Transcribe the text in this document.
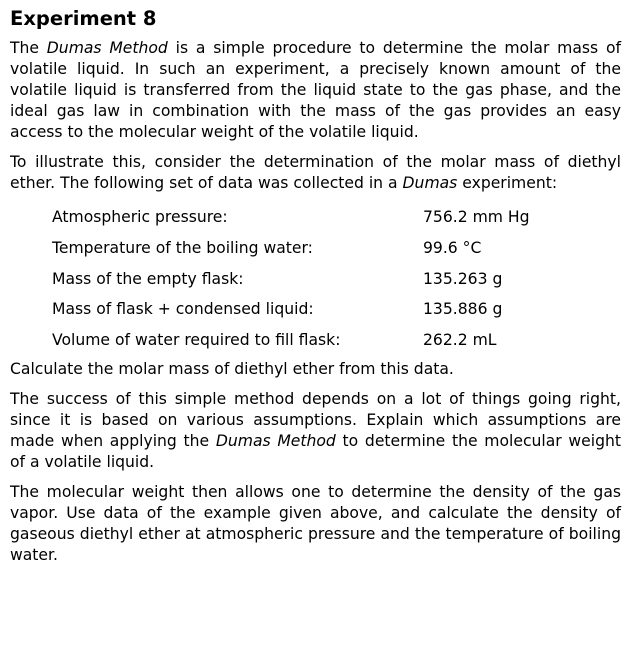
Experiment 8

The Dumas Method is a simple procedure to determine the molar mass of volatile liquid. In such an experiment, a precisely known amount of the volatile liquid is transferred from the liquid state to the gas phase, and the ideal gas law in combination with the mass of the gas provides an easy access to the molecular weight of the volatile liquid.

To illustrate this, consider the determination of the molar mass of diethyl ether. The following set of data was collected in a Dumas experiment:

Atmospheric pressure:	756.2 mm Hg
Temperature of the boiling water:	99.6 °C
Mass of the empty flask:	135.263 g
Mass of flask + condensed liquid:	135.886 g
Volume of water required to fill flask:	262.2 mL

Calculate the molar mass of diethyl ether from this data.

The success of this simple method depends on a lot of things going right, since it is based on various assumptions. Explain which assumptions are made when applying the Dumas Method to determine the molecular weight of a volatile liquid.

The molecular weight then allows one to determine the density of the gas vapor. Use data of the example given above, and calculate the density of gaseous diethyl ether at atmospheric pressure and the temperature of boiling water.
